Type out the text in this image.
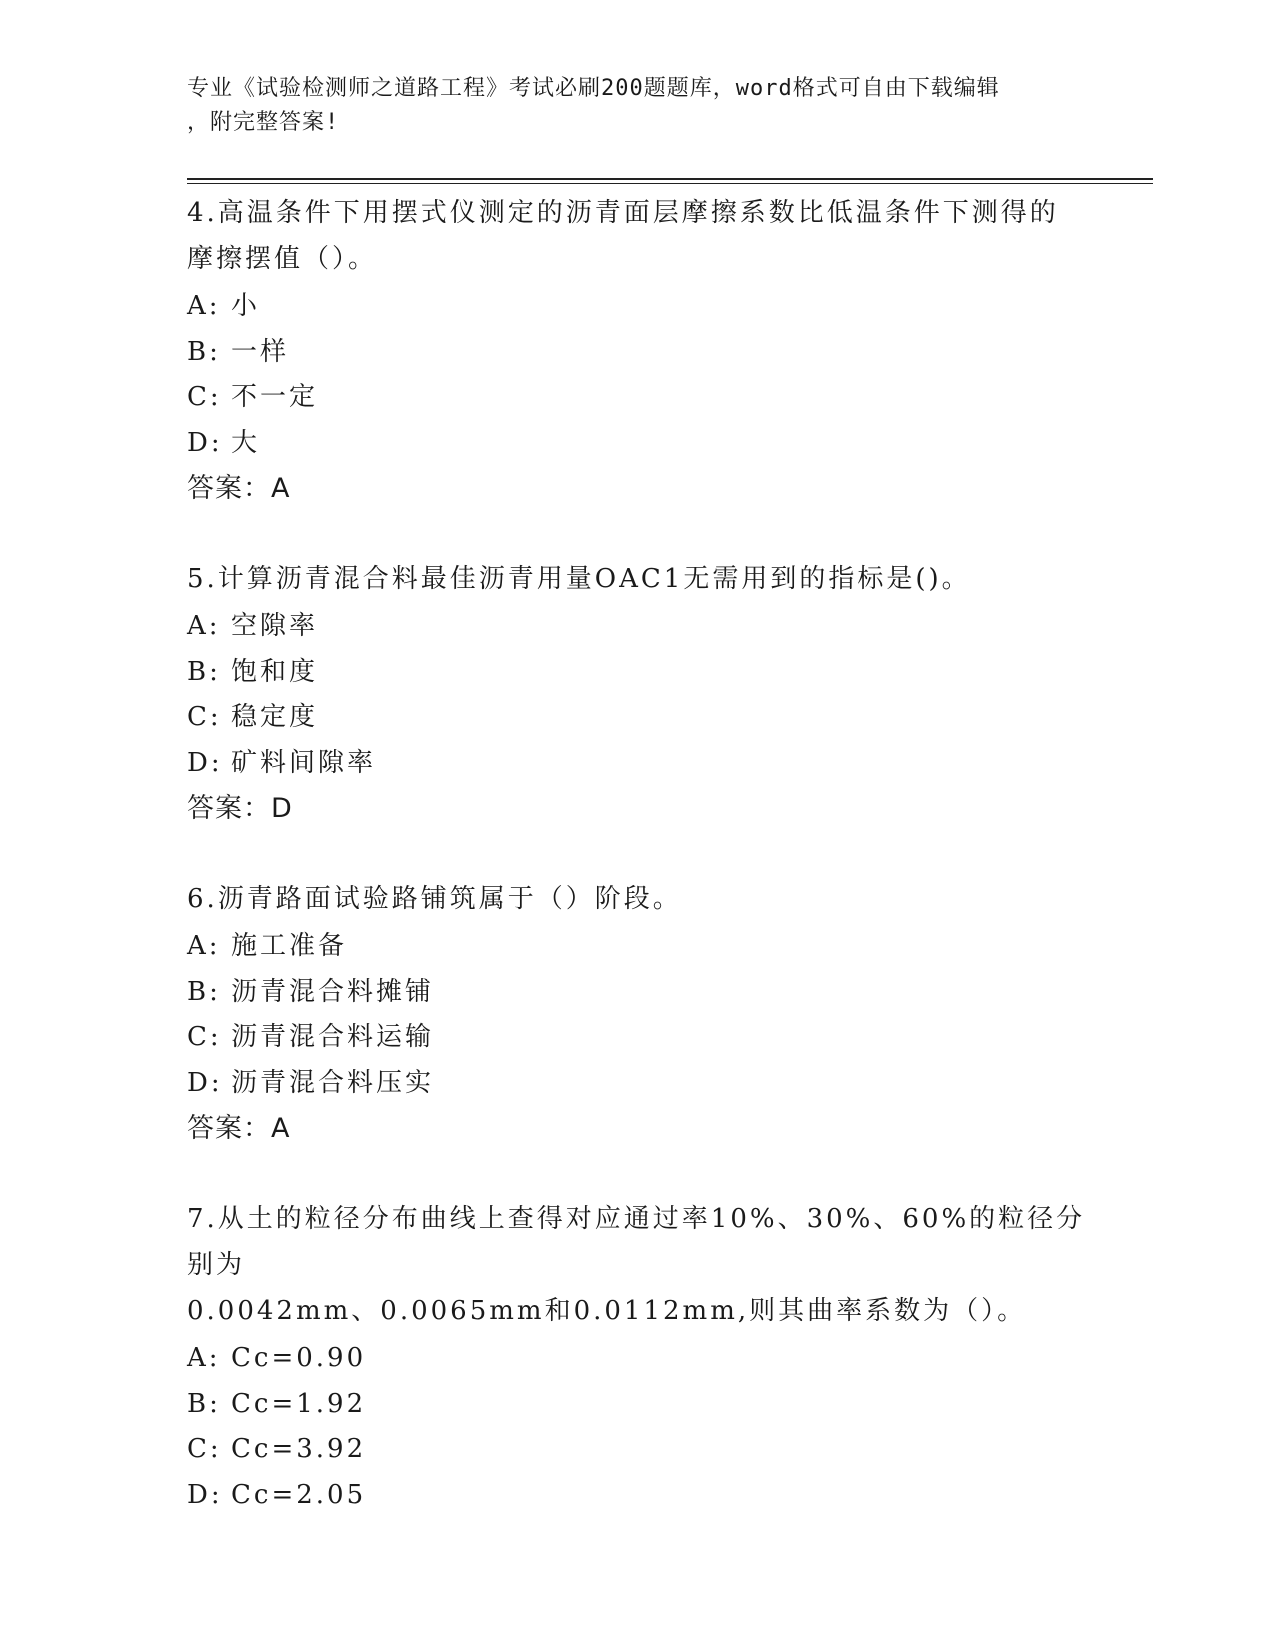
专业《试验检测师之道路工程》考试必刷200题题库，word格式可自由下载编辑
，附完整答案!
4.高温条件下用摆式仪测定的沥青面层摩擦系数比低温条件下测得的
摩擦摆值（）。
A: 小
B: 一样
C: 不一定
D: 大
答案：A
5.计算沥青混合料最佳沥青用量OAC1无需用到的指标是()。
A: 空隙率
B: 饱和度
C: 稳定度
D: 矿料间隙率
答案：D
6.沥青路面试验路铺筑属于（）阶段。
A: 施工准备
B: 沥青混合料摊铺
C: 沥青混合料运输
D: 沥青混合料压实
答案：A
7.从土的粒径分布曲线上查得对应通过率10%、30%、60%的粒径分别为
0.0042mm、0.0065mm和0.0112mm,则其曲率系数为（）。
A: Cc=0.90
B: Cc=1.92
C: Cc=3.92
D: Cc=2.05
